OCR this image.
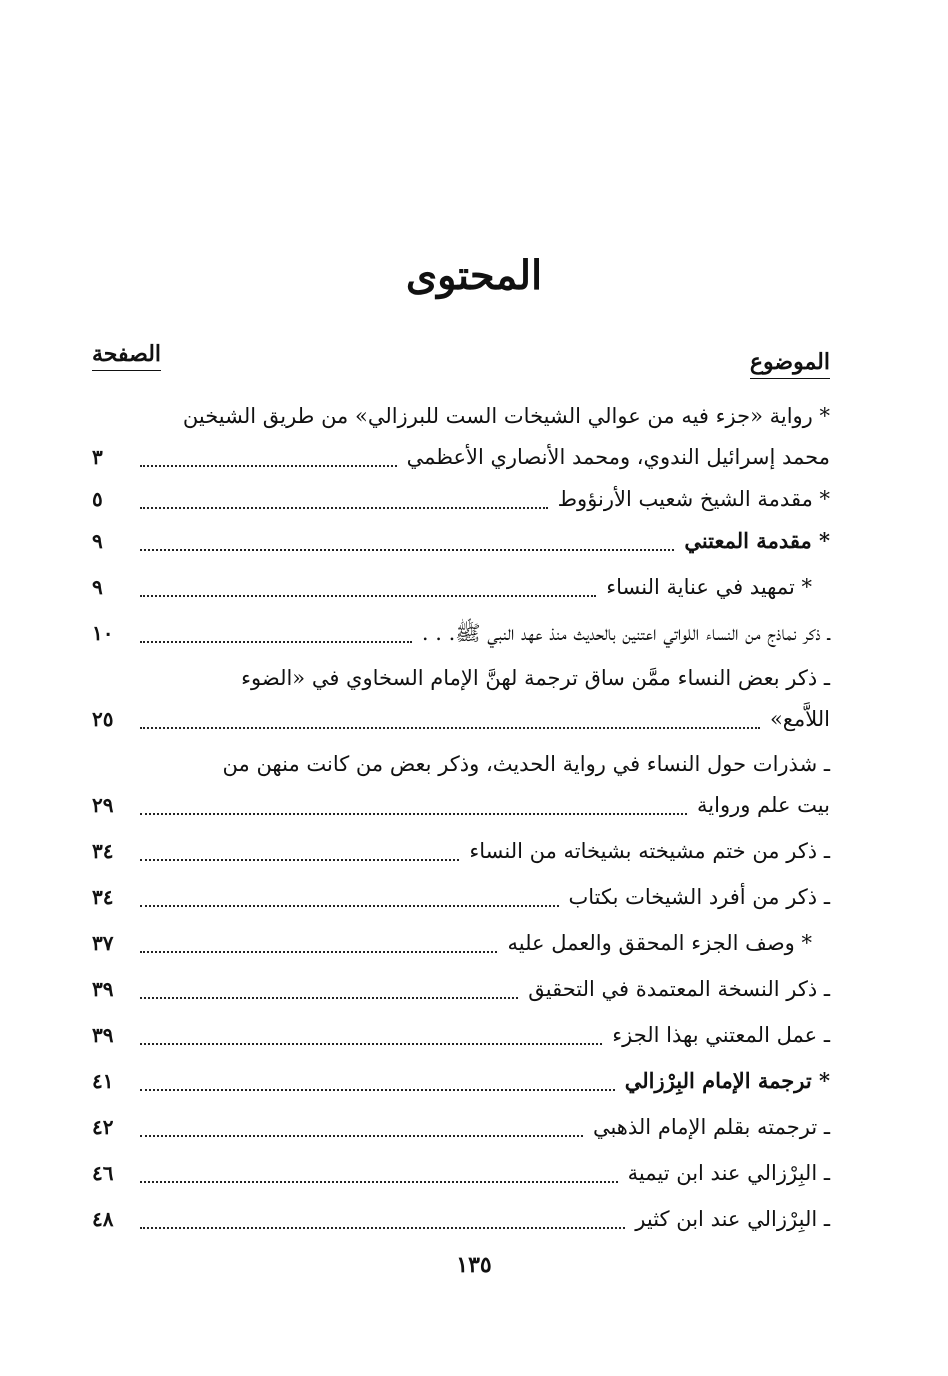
المحتوى
الموضوع
الصفحة
* رواية «جزء فيه من عوالي الشيخات الست للبرزالي» من طريق الشيخين
محمد إسرائيل الندوي، ومحمد الأنصاري الأعظمي
٣
* مقدمة الشيخ شعيب الأرنؤوط
٥
* مقدمة المعتني
٩
* تمهيد في عناية النساء
٩
ـ ذكر نماذج من النساء اللواتي اعتنين بالحديث منذ عهد النبي ﷺ. . .
١٠
ـ ذكر بعض النساء ممَّن ساق ترجمة لهنَّ الإمام السخاوي في «الضوء
اللاَّمع»
٢٥
ـ شذرات حول النساء في رواية الحديث، وذكر بعض من كانت منهن من
بيت علم ورواية
٢٩
ـ ذكر من ختم مشيخته بشيخاته من النساء
٣٤
ـ ذكر من أفرد الشيخات بكتاب
٣٤
* وصف الجزء المحقق والعمل عليه
٣٧
ـ ذكر النسخة المعتمدة في التحقيق
٣٩
ـ عمل المعتني بهذا الجزء
٣٩
* ترجمة الإمام البِرْزالي
٤١
ـ ترجمته بقلم الإمام الذهبي
٤٢
ـ البِرْزالي عند ابن تيمية
٤٦
ـ البِرْزالي عند ابن كثير
٤٨
١٣٥
